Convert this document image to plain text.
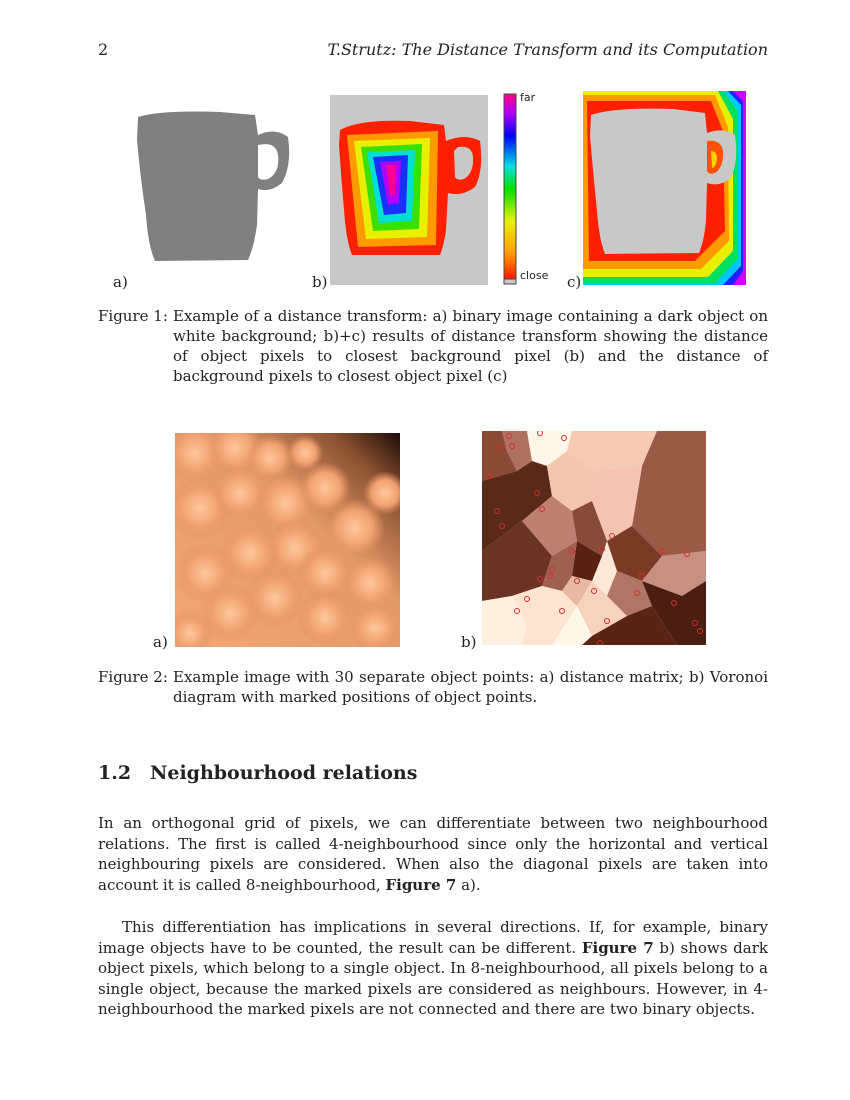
2	T.Strutz: The Distance Transform and its Computation
a)	b)
far
close c)
Figure 1: Example of a distance transform: a) binary image containing a dark object on white background; b)+c) results of distance transform showing the distance of object pixels to closest background pixel (b) and the distance of background pixels to closest object pixel (c)
a)	b)
Figure 2: Example image with 30 separate object points: a) distance matrix; b) Voronoi diagram with marked positions of object points.
1.2 Neighbourhood relations

In an orthogonal grid of pixels, we can differentiate between two neighbourhood relations. The first is called 4-neighbourhood since only the horizontal and vertical neighbouring pixels are considered. When also the diagonal pixels are taken into account it is called 8-neighbourhood, Figure 7 a).

This differentiation has implications in several directions. If, for example, binary image objects have to be counted, the result can be different. Figure 7 b) shows dark object pixels, which belong to a single object. In 8-neighbourhood, all pixels belong to a single object, because the marked pixels are considered as neighbours. However, in 4-neighbourhood the marked pixels are not connected and there are two binary objects.
